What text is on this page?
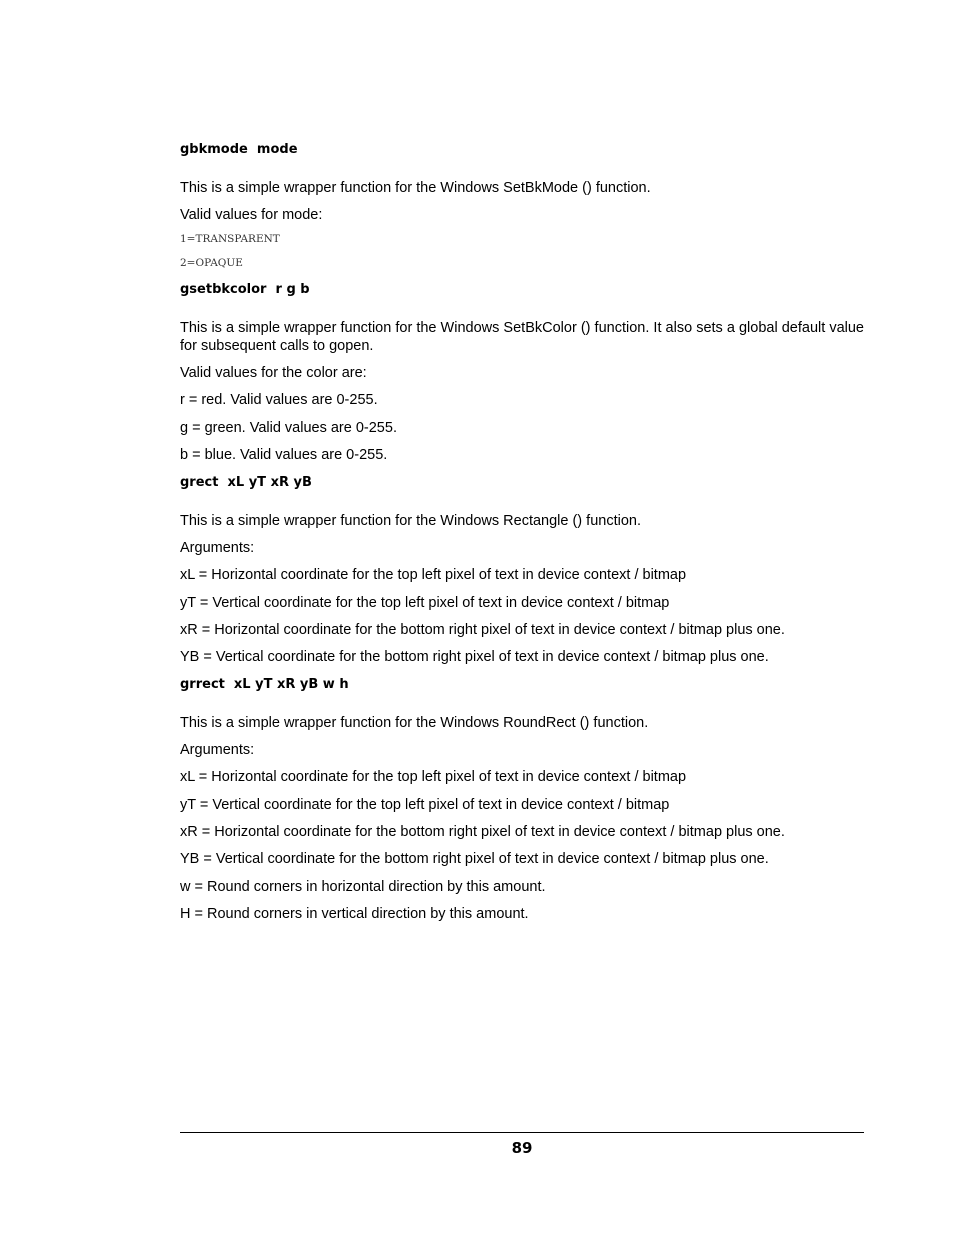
gbkmode  mode
This is a simple wrapper function for the Windows SetBkMode () function.
Valid values for mode:
1=TRANSPARENT
2=OPAQUE
gsetbkcolor  r g b
This is a simple wrapper function for the Windows SetBkColor () function. It also sets a global default value for subsequent calls to gopen.
Valid values for the color are:
r = red. Valid values are 0-255.
g = green. Valid values are 0-255.
b = blue. Valid values are 0-255.
grect  xL yT xR yB
This is a simple wrapper function for the Windows Rectangle () function.
Arguments:
xL = Horizontal coordinate for the top left pixel of text in device context / bitmap
yT = Vertical coordinate for the top left pixel of text in device context / bitmap
xR = Horizontal coordinate for the bottom right pixel of text in device context / bitmap plus one.
YB = Vertical coordinate for the bottom right pixel of text in device context / bitmap plus one.
grrect  xL yT xR yB w h
This is a simple wrapper function for the Windows RoundRect () function.
Arguments:
xL = Horizontal coordinate for the top left pixel of text in device context / bitmap
yT = Vertical coordinate for the top left pixel of text in device context / bitmap
xR = Horizontal coordinate for the bottom right pixel of text in device context / bitmap plus one.
YB = Vertical coordinate for the bottom right pixel of text in device context / bitmap plus one.
w = Round corners in horizontal direction by this amount.
H = Round corners in vertical direction by this amount.
89
